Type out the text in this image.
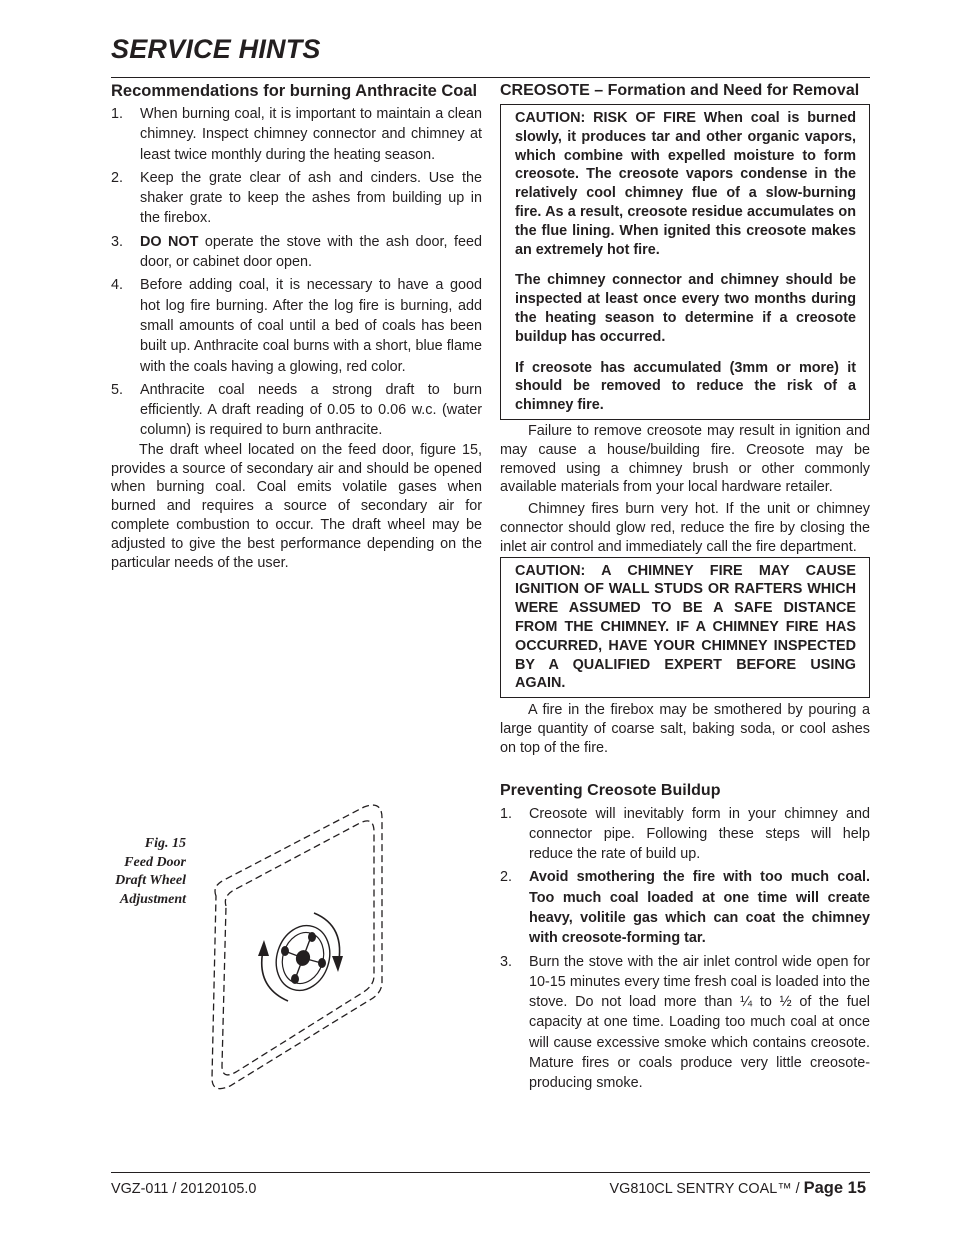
SERVICE HINTS
Recommendations for burning Anthracite Coal
1. When burning coal, it is important to maintain a clean chimney. Inspect chimney connector and chimney at least twice monthly during the heating season.
2. Keep the grate clear of ash and cinders. Use the shaker grate to keep the ashes from building up in the firebox.
3. DO NOT operate the stove with the ash door, feed door, or cabinet door open.
4. Before adding coal, it is necessary to have a good hot log fire burning. After the log fire is burning, add small amounts of coal until a bed of coals has been built up. Anthracite coal burns with a short, blue flame with the coals having a glowing, red color.
5. Anthracite coal needs a strong draft to burn efficiently. A draft reading of 0.05 to 0.06 w.c. (water column) is required to burn anthracite.

The draft wheel located on the feed door, figure 15, provides a source of secondary air and should be opened when burning coal. Coal emits volatile gases when burned and requires a source of secondary air for complete combustion to occur. The draft wheel may be adjusted to give the best performance depending on the particular needs of the user.

Fig. 15
Feed Door
Draft Wheel
Adjustment
CREOSOTE – Formation and Need for Removal

CAUTION: RISK OF FIRE When coal is burned slowly, it produces tar and other organic vapors, which combine with expelled moisture to form creosote. The creosote vapors condense in the relatively cool chimney flue of a slow-burning fire. As a result, creosote residue accumulates on the flue lining. When ignited this creosote makes an extremely hot fire.

The chimney connector and chimney should be inspected at least once every two months during the heating season to determine if a creosote buildup has occurred.

If creosote has accumulated (3mm or more) it should be removed to reduce the risk of a chimney fire.

Failure to remove creosote may result in ignition and may cause a house/building fire. Creosote may be removed using a chimney brush or other commonly available materials from your local hardware retailer.

Chimney fires burn very hot. If the unit or chimney connector should glow red, reduce the fire by closing the inlet air control and immediately call the fire department.

CAUTION: A CHIMNEY FIRE MAY CAUSE IGNITION OF WALL STUDS OR RAFTERS WHICH WERE ASSUMED TO BE A SAFE DISTANCE FROM THE CHIMNEY. IF A CHIMNEY FIRE HAS OCCURRED, HAVE YOUR CHIMNEY INSPECTED BY A QUALIFIED EXPERT BEFORE USING AGAIN.

A fire in the firebox may be smothered by pouring a large quantity of coarse salt, baking soda, or cool ashes on top of the fire.

Preventing Creosote Buildup
1. Creosote will inevitably form in your chimney and connector pipe. Following these steps will help reduce the rate of build up.
2. Avoid smothering the fire with too much coal. Too much coal loaded at one time will create heavy, volitile gas which can coat the chimney with creosote-forming tar.
3. Burn the stove with the air inlet control wide open for 10-15 minutes every time fresh coal is loaded into the stove. Do not load more than ¼ to ½ of the fuel capacity at one time. Loading too much coal at once will cause excessive smoke which contains creosote. Mature fires or coals produce very little creosote-producing smoke.
VGZ-011 / 20120105.0	VG810CL SENTRY COAL™ / Page 15
